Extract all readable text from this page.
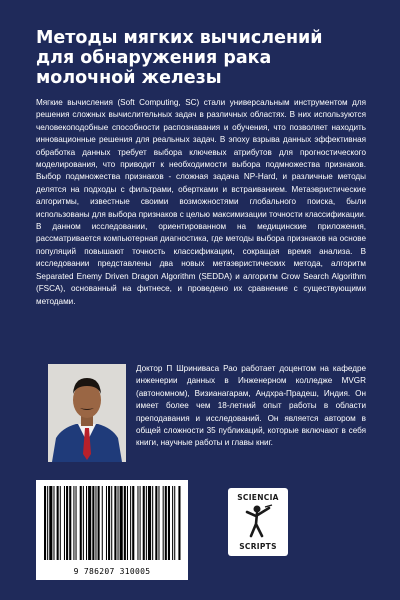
Методы мягких вычислений для обнаружения рака молочной железы

Мягкие вычисления (Soft Computing, SC) стали универсальным инструментом для решения сложных вычислительных задач в различных областях. В них используются человекоподобные способности распознавания и обучения, что позволяет находить инновационные решения для реальных задач. В эпоху взрыва данных эффективная обработка данных требует выбора ключевых атрибутов для прогностического моделирования, что приводит к необходимости выбора подмножества признаков. Выбор подмножества признаков - сложная задача NP-Hard, и различные методы делятся на подходы с фильтрами, обертками и встраиванием. Метаэвристические алгоритмы, известные своими возможностями глобального поиска, были использованы для выбора признаков с целью максимизации точности классификации. В данном исследовании, ориентированном на медицинские приложения, рассматривается компьютерная диагностика, где методы выбора признаков на основе популяций повышают точность классификации, сокращая время анализа. В исследовании представлены два новых метаэвристических метода, алгоритм Separated Enemy Driven Dragon Algorithm (SEDDA) и алгоритм Crow Search Algorithm (FSCA), основанный на фитнесе, и проведено их сравнение с существующими методами.

Доктор П Шриниваса Рао работает доцентом на кафедре инженерии данных в Инженерном колледже MVGR (автономном), Визианагарам, Андхра-Прадеш, Индия. Он имеет более чем 18-летний опыт работы в области преподавания и исследований. Он является автором в общей сложности 35 публикаций, которые включают в себя книги, научные работы и главы книг.

9 786207 310005
SCIENCIA
SCRIPTS
